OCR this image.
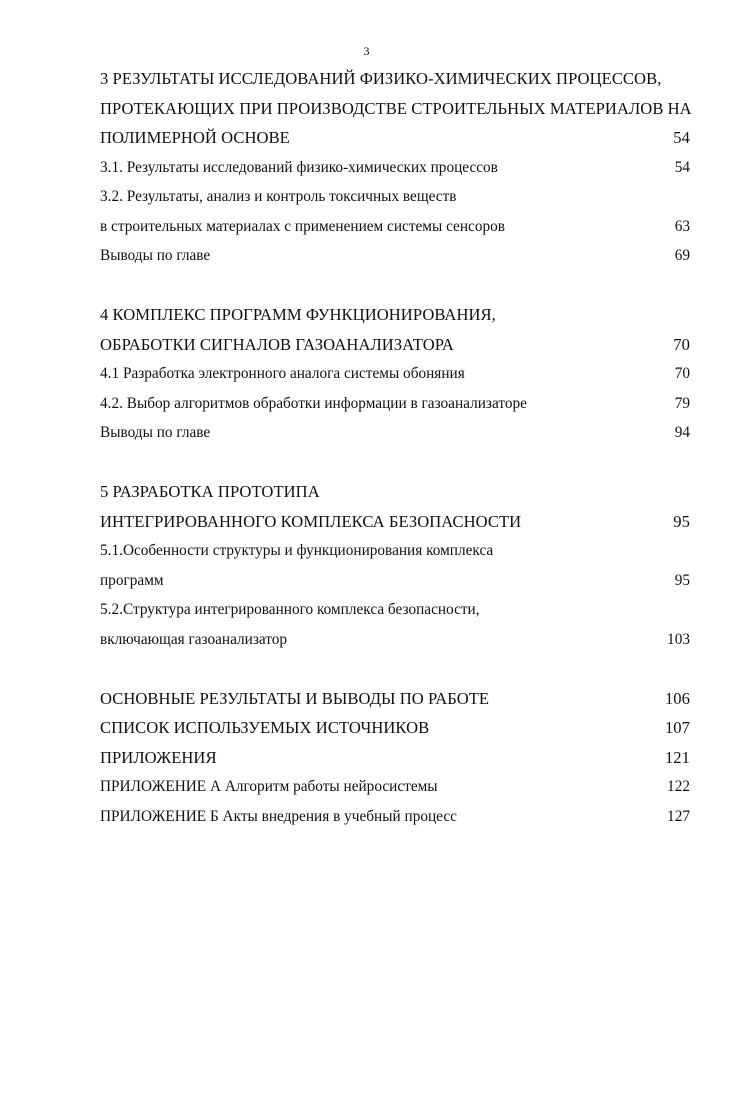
3
3 РЕЗУЛЬТАТЫ ИССЛЕДОВАНИЙ ФИЗИКО-ХИМИЧЕСКИХ ПРОЦЕССОВ,
ПРОТЕКАЮЩИХ ПРИ ПРОИЗВОДСТВЕ СТРОИТЕЛЬНЫХ МАТЕРИАЛОВ НА
ПОЛИМЕРНОЙ ОСНОВЕ	54
3.1. Результаты исследований физико-химических процессов	54
3.2. Результаты, анализ и контроль токсичных веществ
в строительных материалах с применением системы сенсоров	63
Выводы по главе	69
4 КОМПЛЕКС ПРОГРАММ ФУНКЦИОНИРОВАНИЯ,
ОБРАБОТКИ СИГНАЛОВ ГАЗОАНАЛИЗАТОРА	70
4.1 Разработка электронного аналога системы обоняния	70
4.2. Выбор алгоритмов обработки информации в газоанализаторе	79
Выводы по главе	94
5 РАЗРАБОТКА ПРОТОТИПА
ИНТЕГРИРОВАННОГО КОМПЛЕКСА БЕЗОПАСНОСТИ	95
5.1.Особенности структуры и функционирования комплекса
программ	95
5.2.Структура интегрированного комплекса безопасности,
включающая газоанализатор	103
ОСНОВНЫЕ РЕЗУЛЬТАТЫ И ВЫВОДЫ ПО РАБОТЕ	106
СПИСОК ИСПОЛЬЗУЕМЫХ ИСТОЧНИКОВ	107
ПРИЛОЖЕНИЯ	121
ПРИЛОЖЕНИЕ А Алгоритм работы нейросистемы	122
ПРИЛОЖЕНИЕ Б Акты внедрения в учебный процесс	127
